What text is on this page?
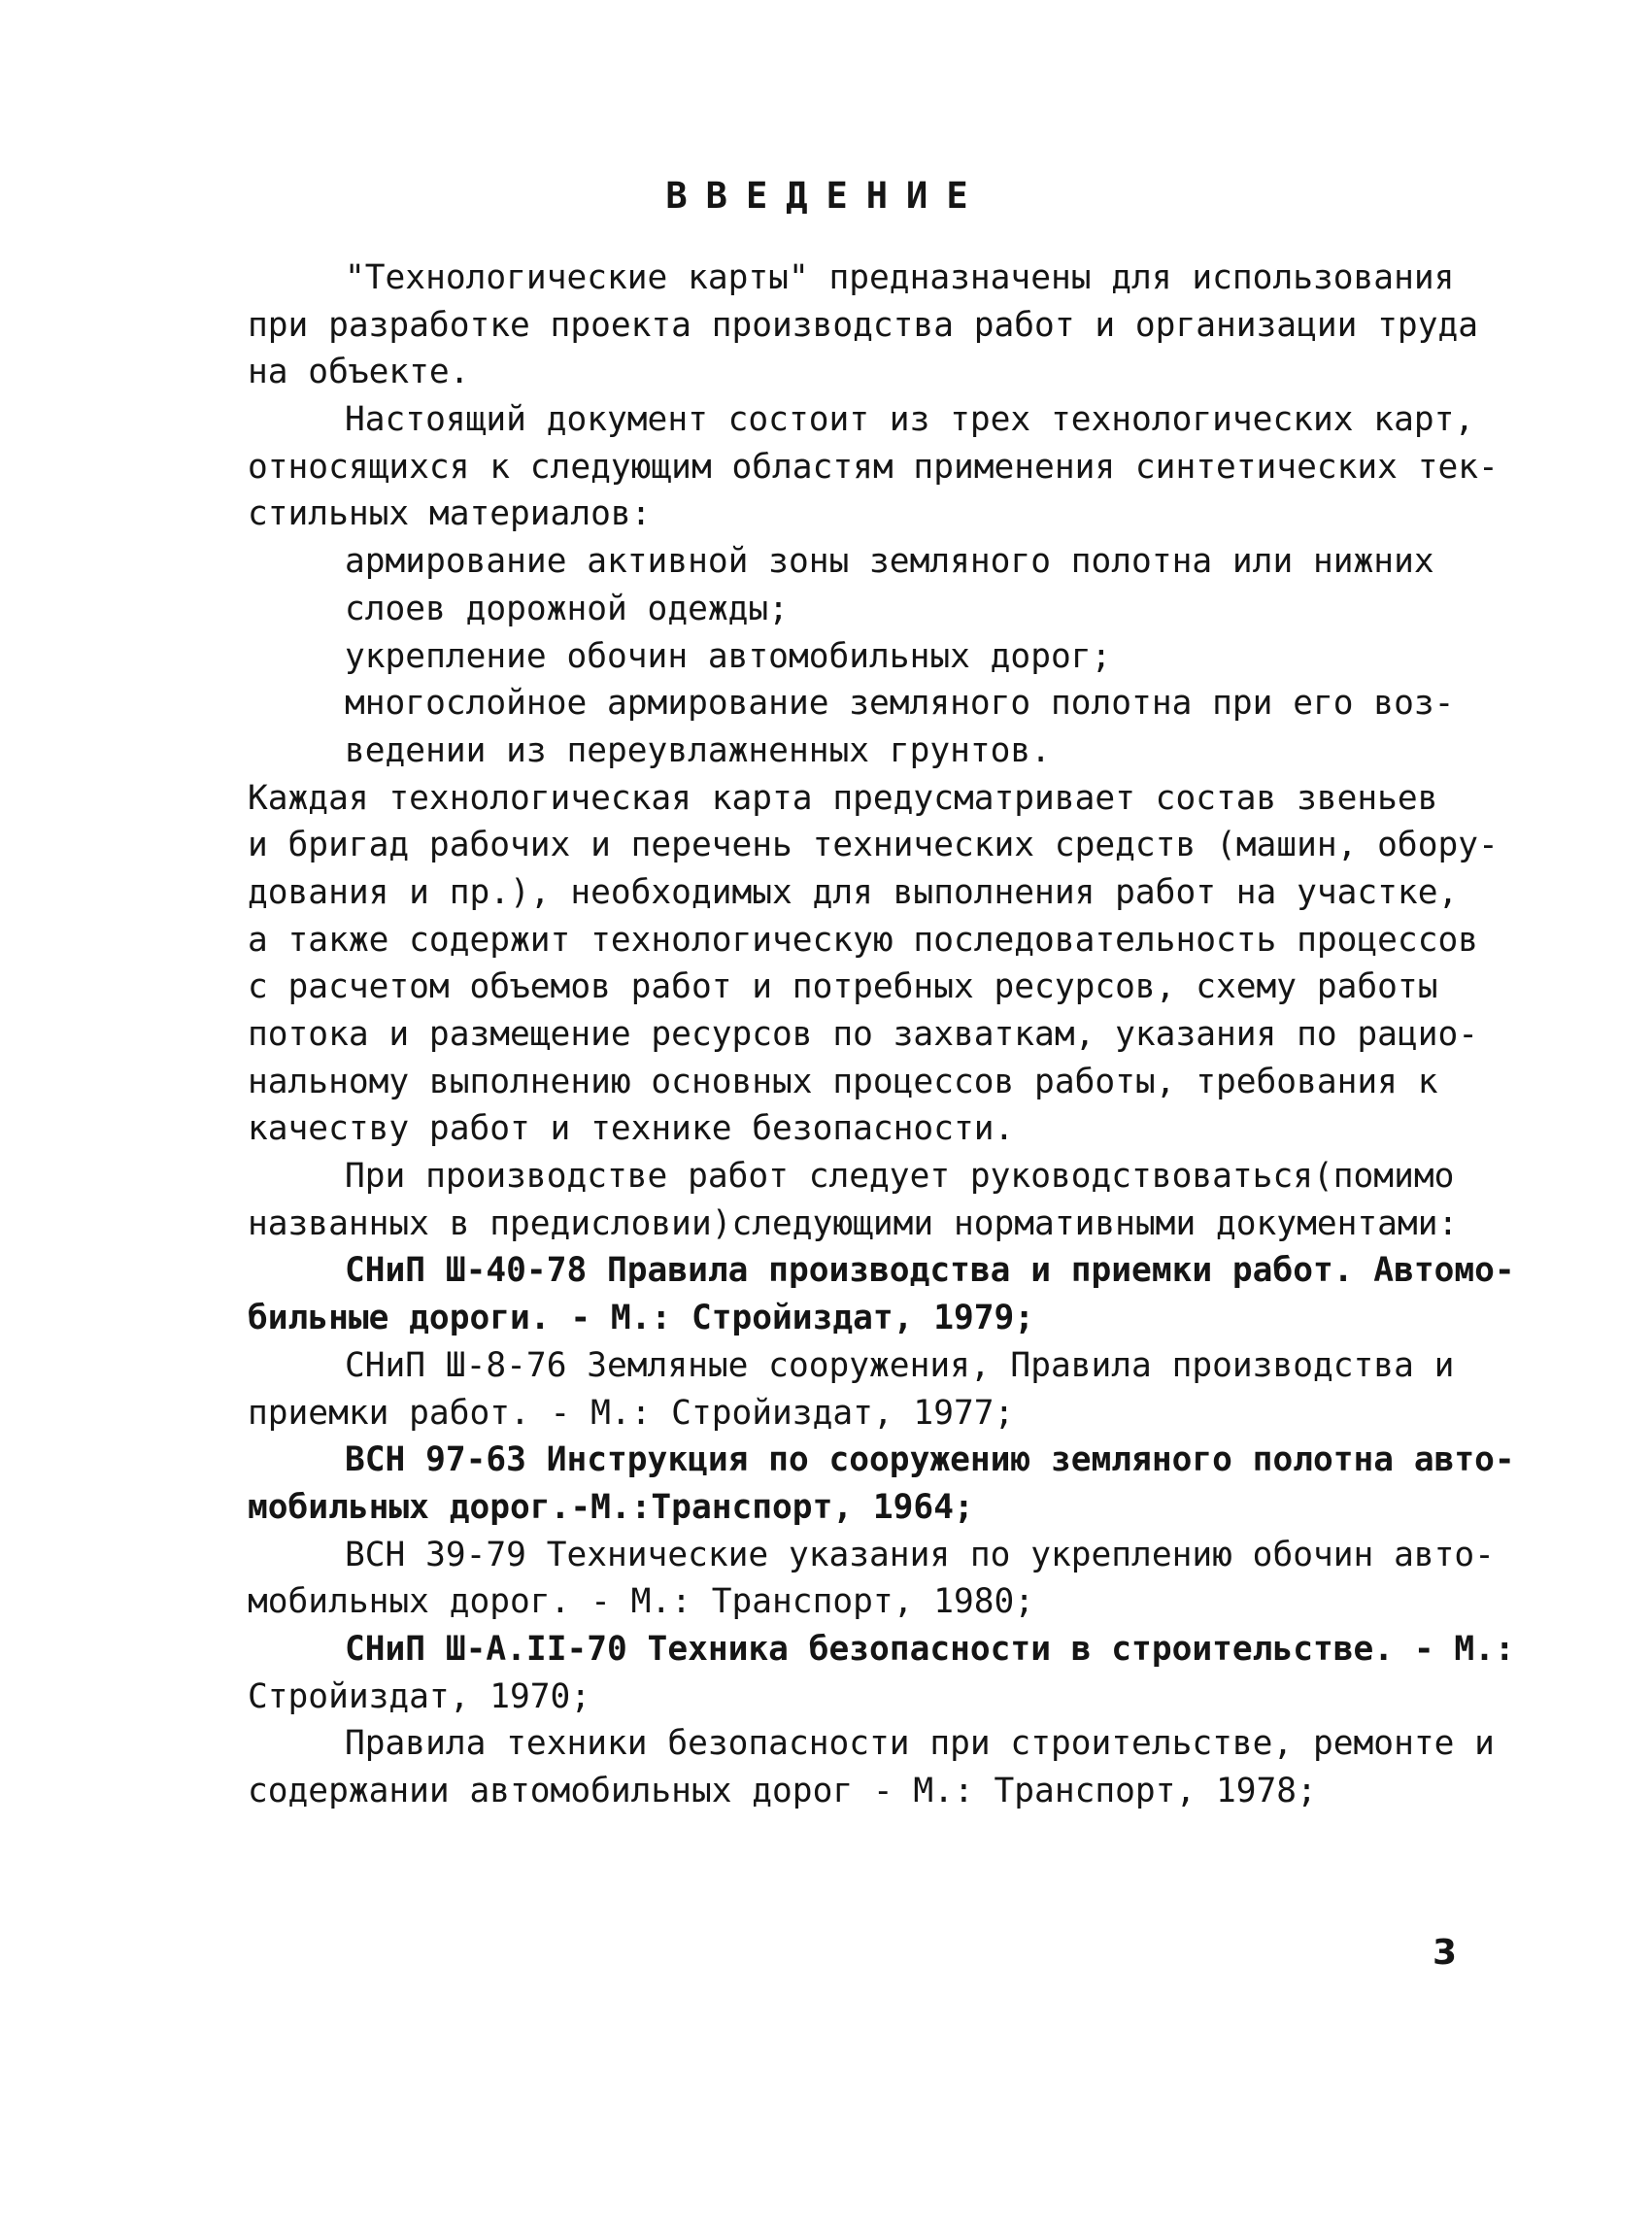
ВВЕДЕНИЕ
"Технологические карты" предназначены для использования
при разработке проекта производства работ и организации труда
на объекте.
Настоящий документ состоит из трех технологических карт,
относящихся к следующим областям применения синтетических тек-
стильных материалов:
армирование активной зоны земляного полотна или нижних
слоев дорожной одежды;
укрепление обочин автомобильных дорог;
многослойное армирование земляного полотна при его воз-
ведении из переувлажненных грунтов.
Каждая технологическая карта предусматривает состав звеньев
и бригад рабочих и перечень технических средств (машин, обору-
дования и пр.), необходимых для выполнения работ на участке,
а также содержит технологическую последовательность процессов
с расчетом объемов работ и потребных ресурсов, схему работы
потока и размещение ресурсов по захваткам, указания по рацио-
нальному выполнению основных процессов работы, требования к
качеству работ и технике безопасности.
При производстве работ следует руководствоваться(помимо
названных в предисловии)следующими нормативными документами:
СНиП Ш-40-78 Правила производства и приемки работ. Автомо-
бильные дороги. - М.: Стройиздат, 1979;
СНиП Ш-8-76 Земляные сооружения, Правила производства и
приемки работ. - М.: Стройиздат, 1977;
ВСН 97-63 Инструкция по сооружению земляного полотна авто-
мобильных дорог.-М.:Транспорт, 1964;
ВСН 39-79 Технические указания по укреплению обочин авто-
мобильных дорог. - М.: Транспорт, 1980;
СНиП Ш-А.II-70 Техника безопасности в строительстве. - М.:
Стройиздат, 1970;
Правила техники безопасности при строительстве, ремонте и
содержании автомобильных дорог - М.: Транспорт, 1978;
3
